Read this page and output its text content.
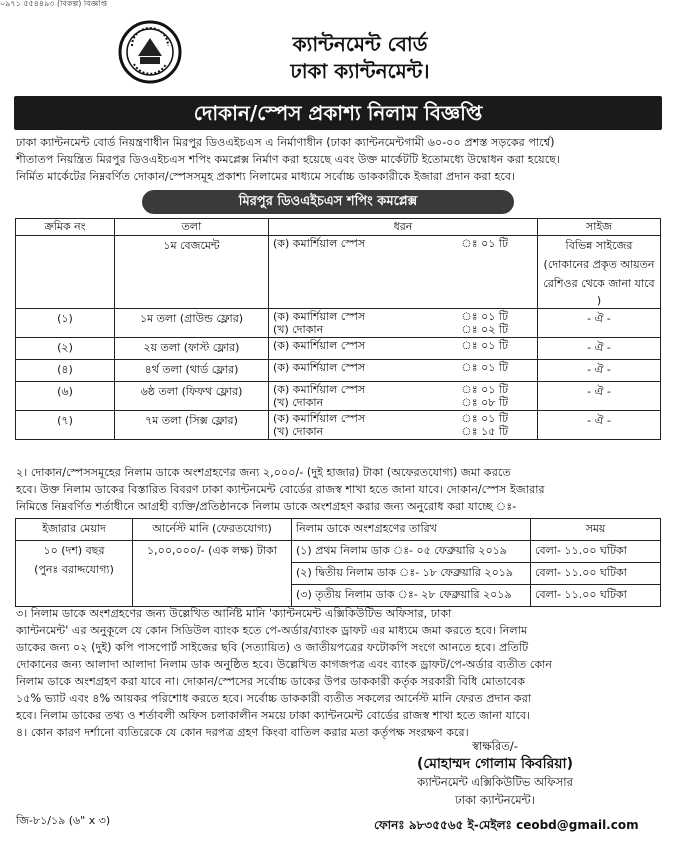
০৯৭১ ৫৫৪৪৯৩ (বিকল্প) বিজ্ঞপ্তি
ক্যান্টনমেন্ট বোর্ড
ঢাকা ক্যান্টনমেন্ট।
দোকান/স্পেস প্রকাশ্য নিলাম বিজ্ঞপ্তি

ঢাকা ক্যান্টনমেন্ট বোর্ড নিয়ন্ত্রণাধীন মিরপুর ডিওএইচএস এ নির্মাণাধীন (ঢাকা ক্যান্টনমেন্টগামী ৬০-০০ প্রশস্ত সড়কের পার্শ্বে)

শীতাতপ নিয়ন্ত্রিত মিরপুর ডিওএইচএস শপিং কমপ্লেক্স নির্মাণ করা হয়েছে এবং উক্ত মার্কেটটি ইতোমধ্যে উদ্বোধন করা হয়েছে।

নির্মিত মার্কেটের নিম্নবর্ণিত দোকান/স্পেসসমূহ প্রকাশ্য নিলামের মাধ্যমে সর্বোচ্চ ডাককারীকে ইজারা প্রদান করা হবে।

মিরপুর ডিওএইচএস শপিং কমপ্লেক্স
ক্রমিক নং	তলা	ধরন	সাইজ
	১ম বেজমেন্ট	(ক) কমার্শিয়াল স্পেস ঃ ০১ টি	বিভিন্ন সাইজের
(দোকানের প্রকৃত আয়তন
রেশিওর থেকে জানা যাবে )
(১)	১ম তলা (গ্রাউন্ড ফ্লোর)	(ক) কমার্শিয়াল স্পেস ঃ ০১ টি
(খ) দোকান ঃ ০২ টি	- ঐ -
(২)	২য় তলা (ফাস্ট ফ্লোর)	(ক) কমার্শিয়াল স্পেস ঃ ০১ টি	- ঐ -
(৪)	৪র্থ তলা (থার্ড ফ্লোর)	(ক) কমার্শিয়াল স্পেস ঃ ০১ টি	- ঐ -
(৬)	৬ষ্ঠ তলা (ফিফথ ফ্লোর)	(ক) কমার্শিয়াল স্পেস ঃ ০১ টি
(খ) দোকান ঃ ০৮ টি	- ঐ -
(৭)	৭ম তলা (সিক্স ফ্লোর)	(ক) কমার্শিয়াল স্পেস ঃ ০১ টি
(খ) দোকান ঃ ১৫ টি	- ঐ -

২। দোকান/স্পেসসমূহের নিলাম ডাকে অংশগ্রহণের জন্য ২,০০০/- (দুই হাজার) টাকা (অফেরতযোগ্য) জমা করতে

হবে। উক্ত নিলাম ডাকের বিস্তারিত বিবরণ ঢাকা ক্যান্টনমেন্ট বোর্ডের রাজস্ব শাখা হতে জানা যাবে। দোকান/স্পেস ইজারার

নিমিত্তে নিম্নবর্ণিত শর্তাধীনে আগ্রহী ব্যক্তি/প্রতিষ্ঠানকে নিলাম ডাকে অংশগ্রহণ করার জন্য অনুরোধ করা যাচ্ছে ঃ-

ইজারার মেয়াদ	আর্নেস্ট মানি (ফেরতযোগ্য)	নিলাম ডাকে অংশগ্রহণের তারিখ	সময়
১০ (দশ) বছর
(পুনঃ বরাদ্দযোগ্য)	১,০০,০০০/- (এক লক্ষ) টাকা	(১) প্রথম নিলাম ডাক ঃ- ০৫ ফেব্রুয়ারি ২০১৯	বেলা- ১১.০০ ঘটিকা
		(২) দ্বিতীয় নিলাম ডাক ঃ- ১৮ ফেব্রুয়ারি ২০১৯	বেলা- ১১.০০ ঘটিকা
		(৩) তৃতীয় নিলাম ডাক ঃ- ২৮ ফেব্রুয়ারি ২০১৯	বেলা- ১১.০০ ঘটিকা

৩। নিলাম ডাকে অংশগ্রহণের জন্য উল্লেখিত আর্নিষ্ট মানি 'ক্যান্টনমেন্ট এক্সিকিউটিভ অফিসার, ঢাকা

ক্যান্টনমেন্ট' এর অনুকূলে যে কোন সিডিউল ব্যাংক হতে পে-অর্ডার/ব্যাংক ড্রাফট এর মাধ্যমে জমা করতে হবে। নিলাম

ডাকের জন্য ০২ (দুই) কপি পাসপোর্ট সাইজের ছবি (সত্যায়িত) ও জাতীয়পত্রের ফটোকপি সংগে আনতে হবে। প্রতিটি

দোকানের জন্য আলাদা আলাদা নিলাম ডাক অনুষ্ঠিত হবে। উল্লেখিত কাগজপত্র এবং ব্যাংক ড্রাফট/পে-অর্ডার ব্যতীত কোন

নিলাম ডাকে অংশগ্রহণ করা যাবে না। দোকান/স্পেসের সর্বোচ্চ ডাকের উপর ডাককারী কর্তৃক সরকারী বিধি মোতাবেক

১৫% ভ্যাট এবং ৪% আয়কর পরিশোধ করতে হবে। সর্বোচ্চ ডাককারী ব্যতীত সকলের আর্নেস্ট মানি ফেরত প্রদান করা

হবে। নিলাম ডাকের তথ্য ও শর্তাবলী অফিস চলাকালীন সময়ে ঢাকা ক্যান্টনমেন্ট বোর্ডের রাজস্ব শাখা হতে জানা যাবে।

৪। কোন কারণ দর্শানো ব্যতিরেকে যে কোন দরপত্র গ্রহণ কিংবা বাতিল করার মতা কর্তৃপক্ষ সংরক্ষণ করে।

স্বাক্ষরিত/-
(মোহাম্মদ গোলাম কিবরিয়া)
ক্যান্টনমেন্ট এক্সিকিউটিভ অফিসার
ঢাকা ক্যান্টনমেন্ট।
জি-৮১/১৯ (৬" x ৩)	ফোনঃ ৯৮৩৫৫৬৫ ই-মেইলঃ ceobd@gmail.com
